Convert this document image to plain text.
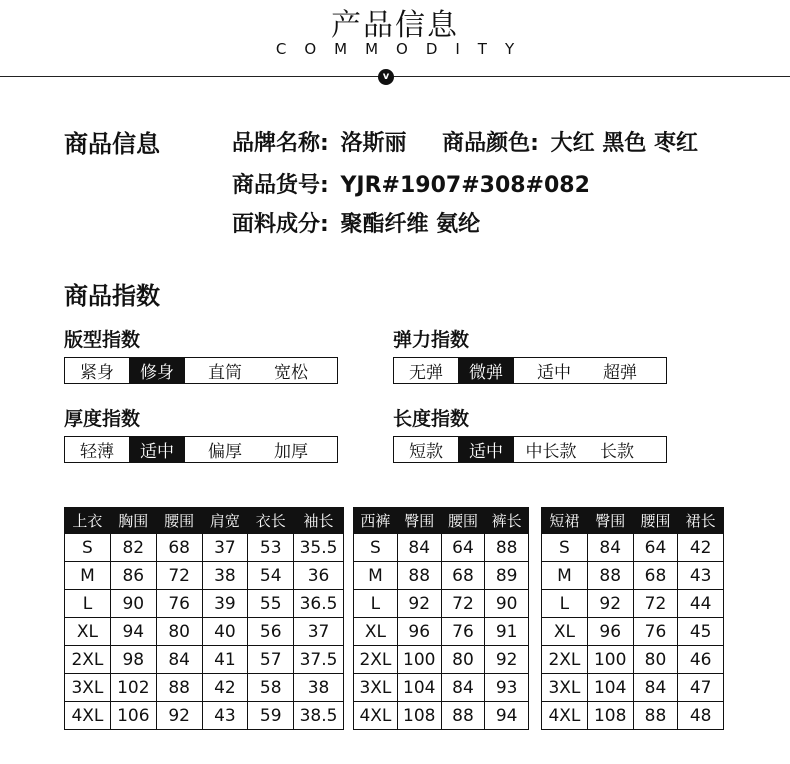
产品信息
COMMODITY
v
商品信息	品牌名称: 洛斯丽 商品颜色: 大红 黑色 枣红
商品货号: YJR#1907#308#082
面料成分: 聚酯纤维 氨纶
商品指数
版型指数
紧身	修身	直筒	宽松
弹力指数
无弹	微弹	适中	超弹
厚度指数
轻薄	适中	偏厚	加厚
长度指数
短款	适中	中长款	长款
上衣	胸围	腰围	肩宽	衣长	袖长
S	82	68	37	53	35.5
M	86	72	38	54	36
L	90	76	39	55	36.5
XL	94	80	40	56	37
2XL	98	84	41	57	37.5
3XL	102	88	42	58	38
4XL	106	92	43	59	38.5
西裤	臀围	腰围	裤长
S	84	64	88
M	88	68	89
L	92	72	90
XL	96	76	91
2XL	100	80	92
3XL	104	84	93
4XL	108	88	94
短裙	臀围	腰围	裙长
S	84	64	42
M	88	68	43
L	92	72	44
XL	96	76	45
2XL	100	80	46
3XL	104	84	47
4XL	108	88	48
